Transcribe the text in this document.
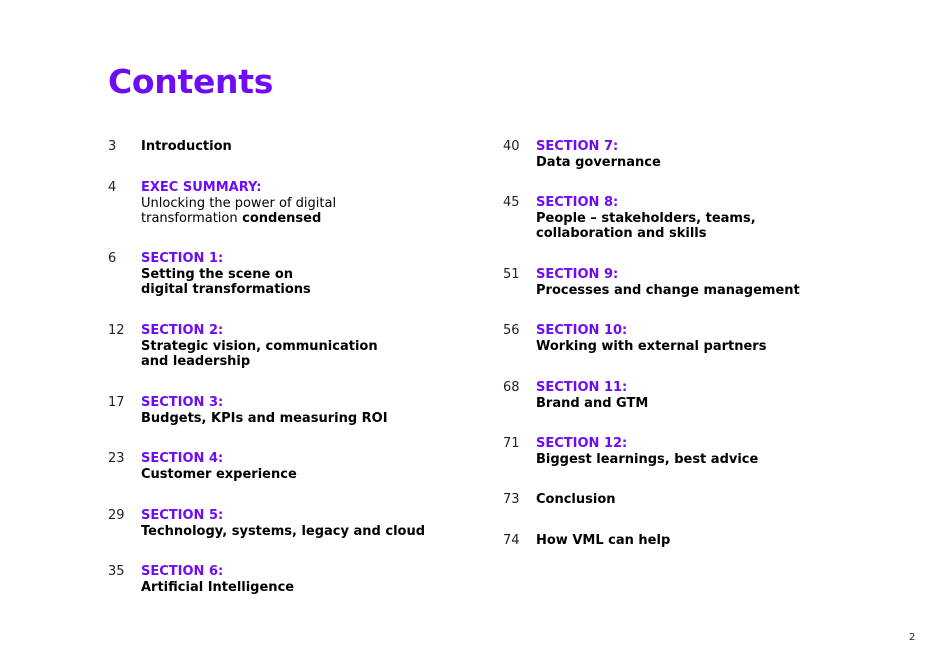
Contents
3 Introduction
4 EXEC SUMMARY:
Unlocking the power of digital
transformation condensed
6 SECTION 1:
Setting the scene on
digital transformations
12 SECTION 2:
Strategic vision, communication
and leadership
17 SECTION 3:
Budgets, KPIs and measuring ROI
23 SECTION 4:
Customer experience
29 SECTION 5:
Technology, systems, legacy and cloud
35 SECTION 6:
Artificial Intelligence
40 SECTION 7:
Data governance
45 SECTION 8:
People – stakeholders, teams,
collaboration and skills
51 SECTION 9:
Processes and change management
56 SECTION 10:
Working with external partners
68 SECTION 11:
Brand and GTM
71 SECTION 12:
Biggest learnings, best advice
73 Conclusion
74 How VML can help
2
